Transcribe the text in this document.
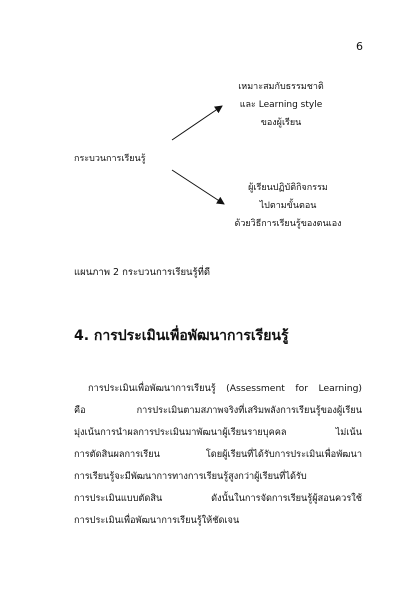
6
เหมาะสมกับธรรมชาติ
และ Learning style
ของผู้เรียน
กระบวนการเรียนรู้
ผู้เรียนปฏิบัติกิจกรรม
ไปตามขั้นตอน
ด้วยวิธีการเรียนรู้ของตนเอง
แผนภาพ 2 กระบวนการเรียนรู้ที่ดี
4. การประเมินเพื่อพัฒนาการเรียนรู้
การประเมินเพื่อพัฒนาการเรียนรู้ (Assessment for Learning)
คือ การประเมินตามสภาพจริงที่เสริมพลังการเรียนรู้ของผู้เรียน
มุ่งเน้นการนำผลการประเมินมาพัฒนาผู้เรียนรายบุคคล ไม่เน้น
การตัดสินผลการเรียน โดยผู้เรียนที่ได้รับการประเมินเพื่อพัฒนา
การเรียนรู้จะมีพัฒนาการทางการเรียนรู้สูงกว่าผู้เรียนที่ได้รับ
การประเมินแบบตัดสิน ดังนั้นในการจัดการเรียนรู้ผู้สอนควรใช้
การประเมินเพื่อพัฒนาการเรียนรู้ให้ชัดเจน
